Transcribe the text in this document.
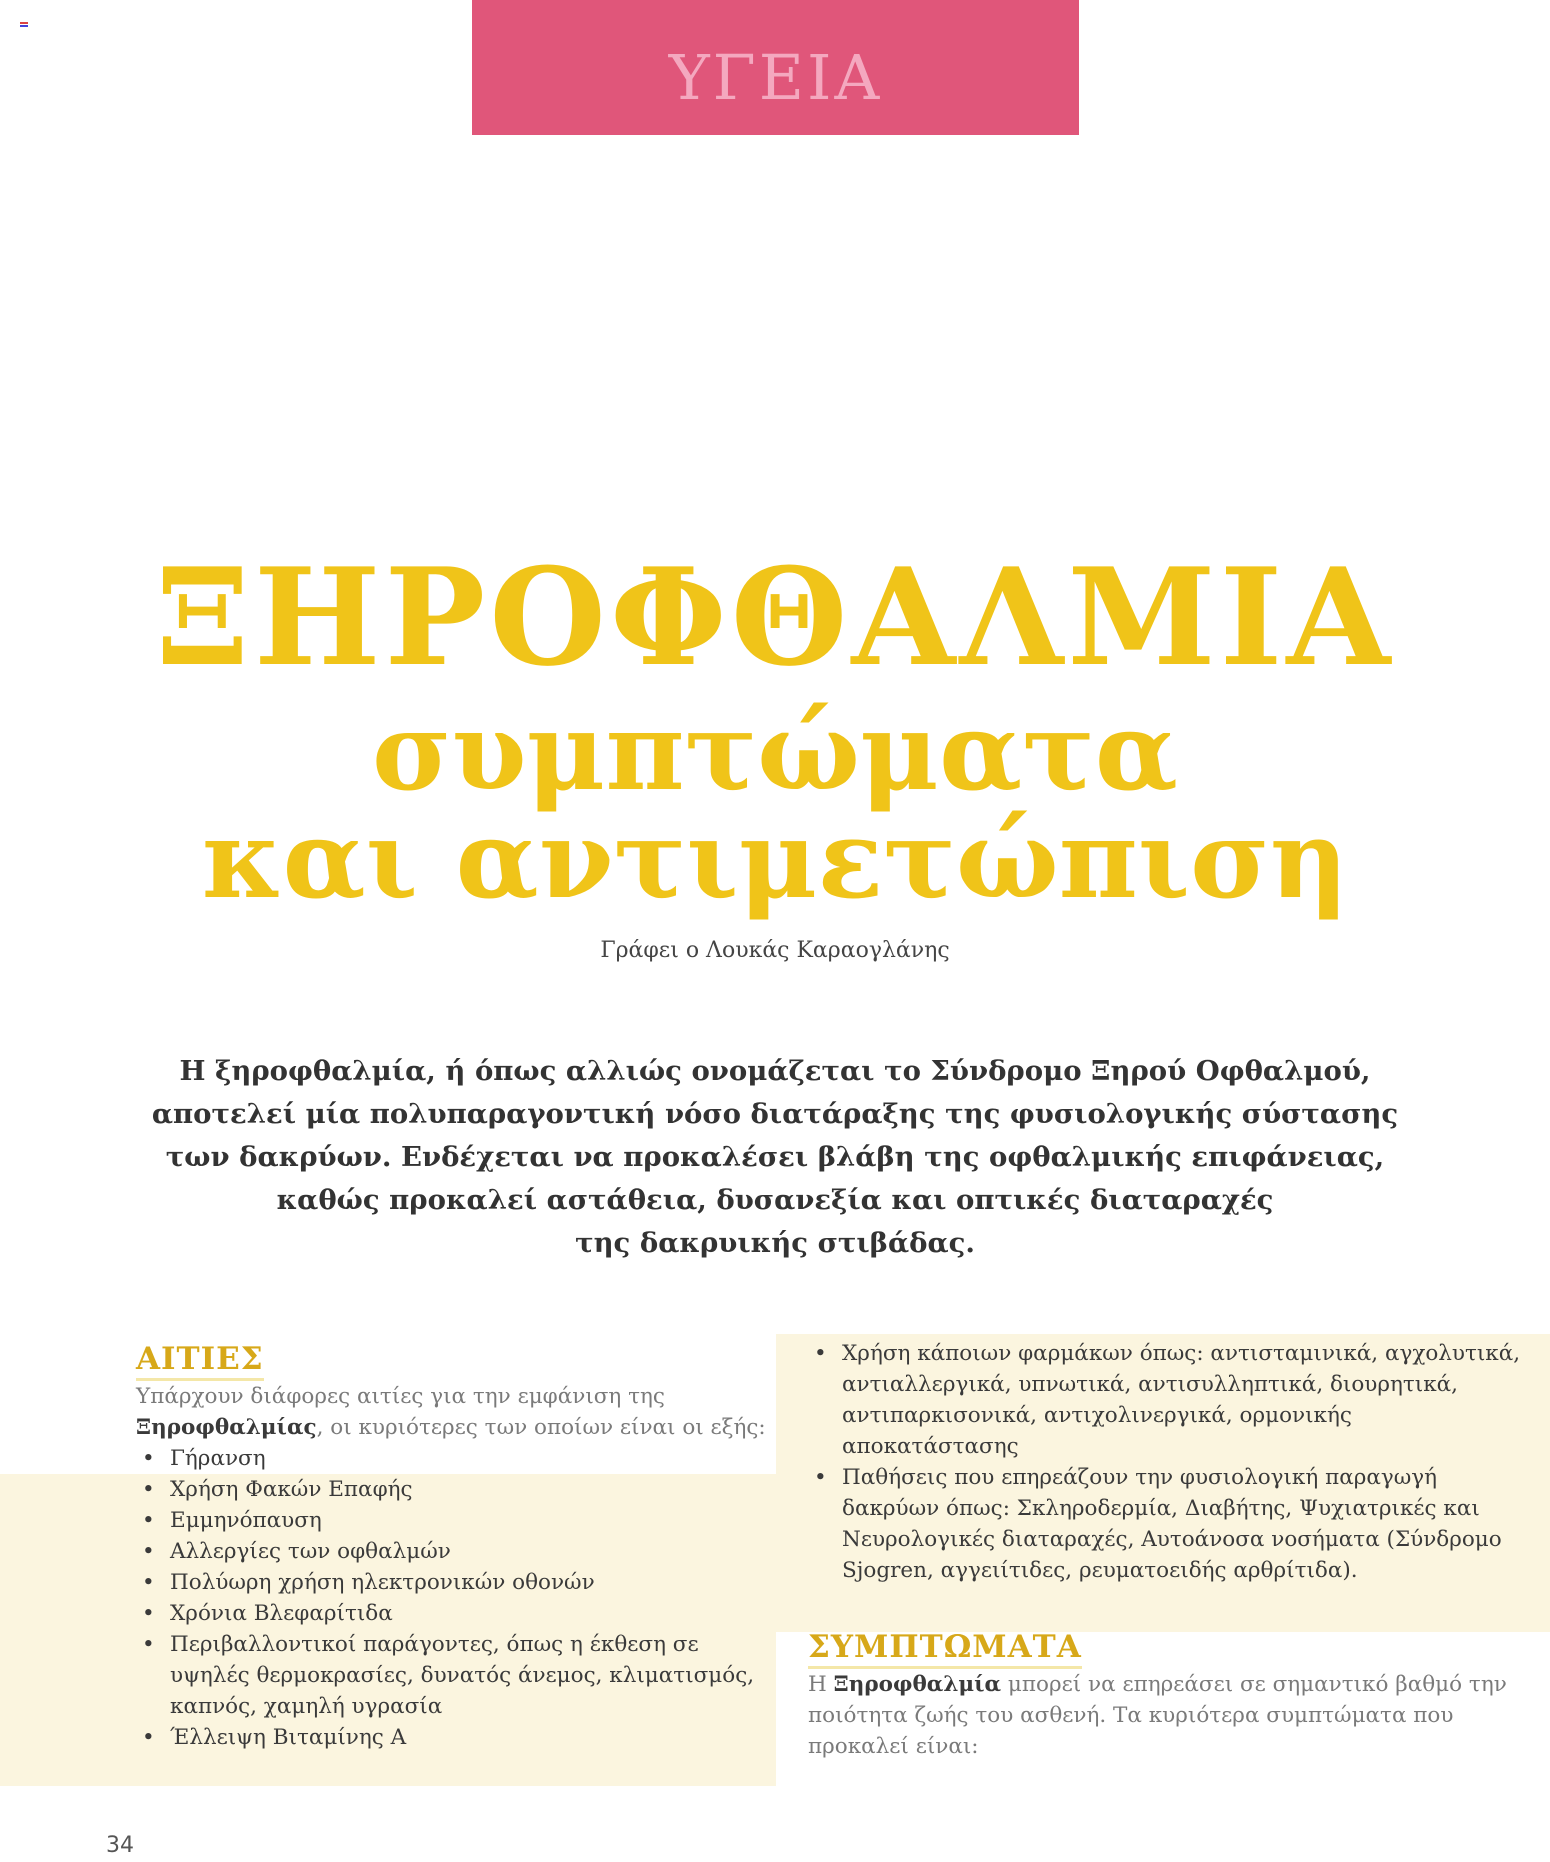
ΥΓΕΙΑ
ΞΗΡΟΦΘΑΛΜΙΑ
συμπτώματα
και αντιμετώπιση
Γράφει ο Λουκάς Καραογλάνης
Η ξηροφθαλμία, ή όπως αλλιώς ονομάζεται το Σύνδρομο Ξηρού Οφθαλμού,
αποτελεί μία πολυπαραγοντική νόσο διατάραξης της φυσιολογικής σύστασης
των δακρύων. Ενδέχεται να προκαλέσει βλάβη της οφθαλμικής επιφάνειας,
καθώς προκαλεί αστάθεια, δυσανεξία και οπτικές διαταραχές
της δακρυικής στιβάδας.
ΑΙΤΙΕΣ
Υπάρχουν διάφορες αιτίες για την εμφάνιση της Ξηροφθαλμίας, οι κυριότερες των οποίων είναι οι εξής:
• Γήρανση
• Χρήση Φακών Επαφής
• Εμμηνόπαυση
• Αλλεργίες των οφθαλμών
• Πολύωρη χρήση ηλεκτρονικών οθονών
• Χρόνια Βλεφαρίτιδα
• Περιβαλλοντικοί παράγοντες, όπως η έκθεση σε υψηλές θερμοκρασίες, δυνατός άνεμος, κλιματισμός, καπνός, χαμηλή υγρασία
• Έλλειψη Βιταμίνης Α
• Χρήση κάποιων φαρμάκων όπως: αντισταμινικά, αγχολυτικά, αντιαλλεργικά, υπνωτικά, αντισυλληπτικά, διουρητικά, αντιπαρκισονικά, αντιχολινεργικά, ορμονικής αποκατάστασης
• Παθήσεις που επηρεάζουν την φυσιολογική παραγωγή δακρύων όπως: Σκληροδερμία, Διαβήτης, Ψυχιατρικές και Νευρολογικές διαταραχές, Αυτοάνοσα νοσήματα (Σύνδρομο Sjogren, αγγειίτιδες, ρευματοειδής αρθρίτιδα).
ΣΥΜΠΤΩΜΑΤΑ
Η Ξηροφθαλμία μπορεί να επηρεάσει σε σημαντικό βαθμό την ποιότητα ζωής του ασθενή. Τα κυριότερα συμπτώματα που προκαλεί είναι:
34
